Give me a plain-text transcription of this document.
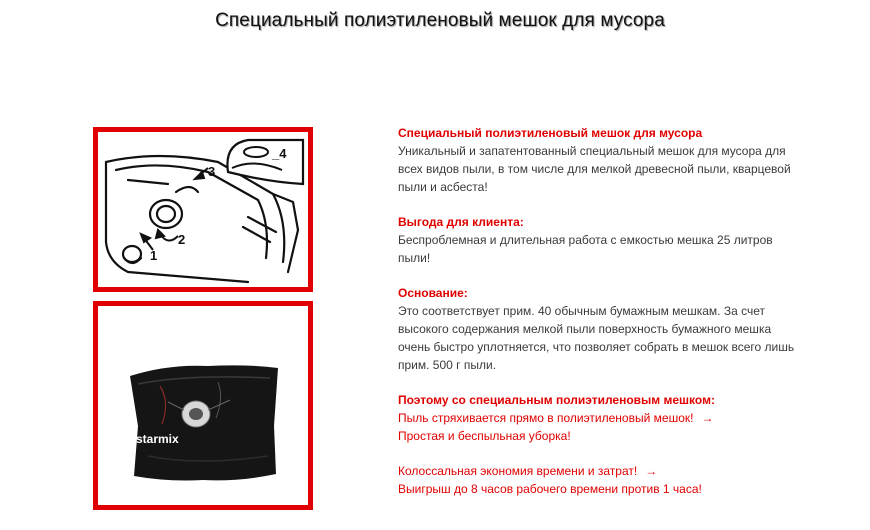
Специальный полиэтиленовый мешок для мусора
1
2
3
_4
starmix

Специальный полиэтиленовый мешок для мусора

Уникальный и запатентованный специальный мешок для мусора для

всех видов пыли, в том числе для мелкой древесной пыли, кварцевой

пыли и асбеста!

Выгода для клиента:

Беспроблемная и длительная работа с емкостью мешка 25 литров

пыли!

Основание:

Это соответствует прим. 40 обычным бумажным мешкам. За счет

высокого содержания мелкой пыли поверхность бумажного мешка

очень быстро уплотняется, что позволяет собрать в мешок всего лишь

прим. 500 г пыли.

Поэтому со специальным полиэтиленовым мешком:

Пыль стряхивается прямо в полиэтиленовый мешок! →

Простая и беспыльная уборка!

Колоссальная экономия времени и затрат! →

Выигрыш до 8 часов рабочего времени против 1 часа!
